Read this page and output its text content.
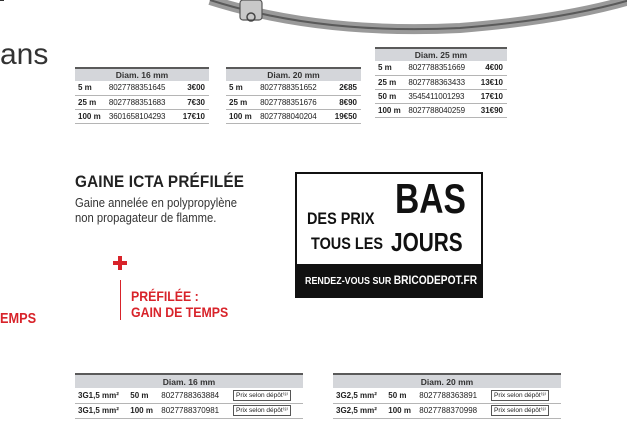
ans
EMPS
Diam. 16 mm		
5 m	8027788351645	3€00
25 m	8027788351683	7€30
100 m	3601658104293	17€10
Diam. 20 mm		
5 m	8027788351652	2€85
25 m	8027788351676	8€90
100 m	8027788040204	19€50
Diam. 25 mm		
5 m	8027788351669	4€00
25 m	8027788363433	13€10
50 m	3545411001293	17€10
100 m	8027788040259	31€90
GAINE ICTA PRÉFILÉE
Gaine annelée en polypropylène
non propagateur de flamme.
PRÉFILÉE :
GAIN DE TEMPS
DES PRIX BAS
TOUS LES JOURS
RENDEZ-VOUS SUR BRICODEPOT.FR
Diam. 16 mm			
3G1,5 mm²	50 m	8027788363884	Prix selon dépôt⁽³⁾
3G1,5 mm²	100 m	8027788370981	Prix selon dépôt⁽³⁾
Diam. 20 mm			
3G2,5 mm²	50 m	8027788363891	Prix selon dépôt⁽³⁾
3G2,5 mm²	100 m	8027788370998	Prix selon dépôt⁽³⁾
